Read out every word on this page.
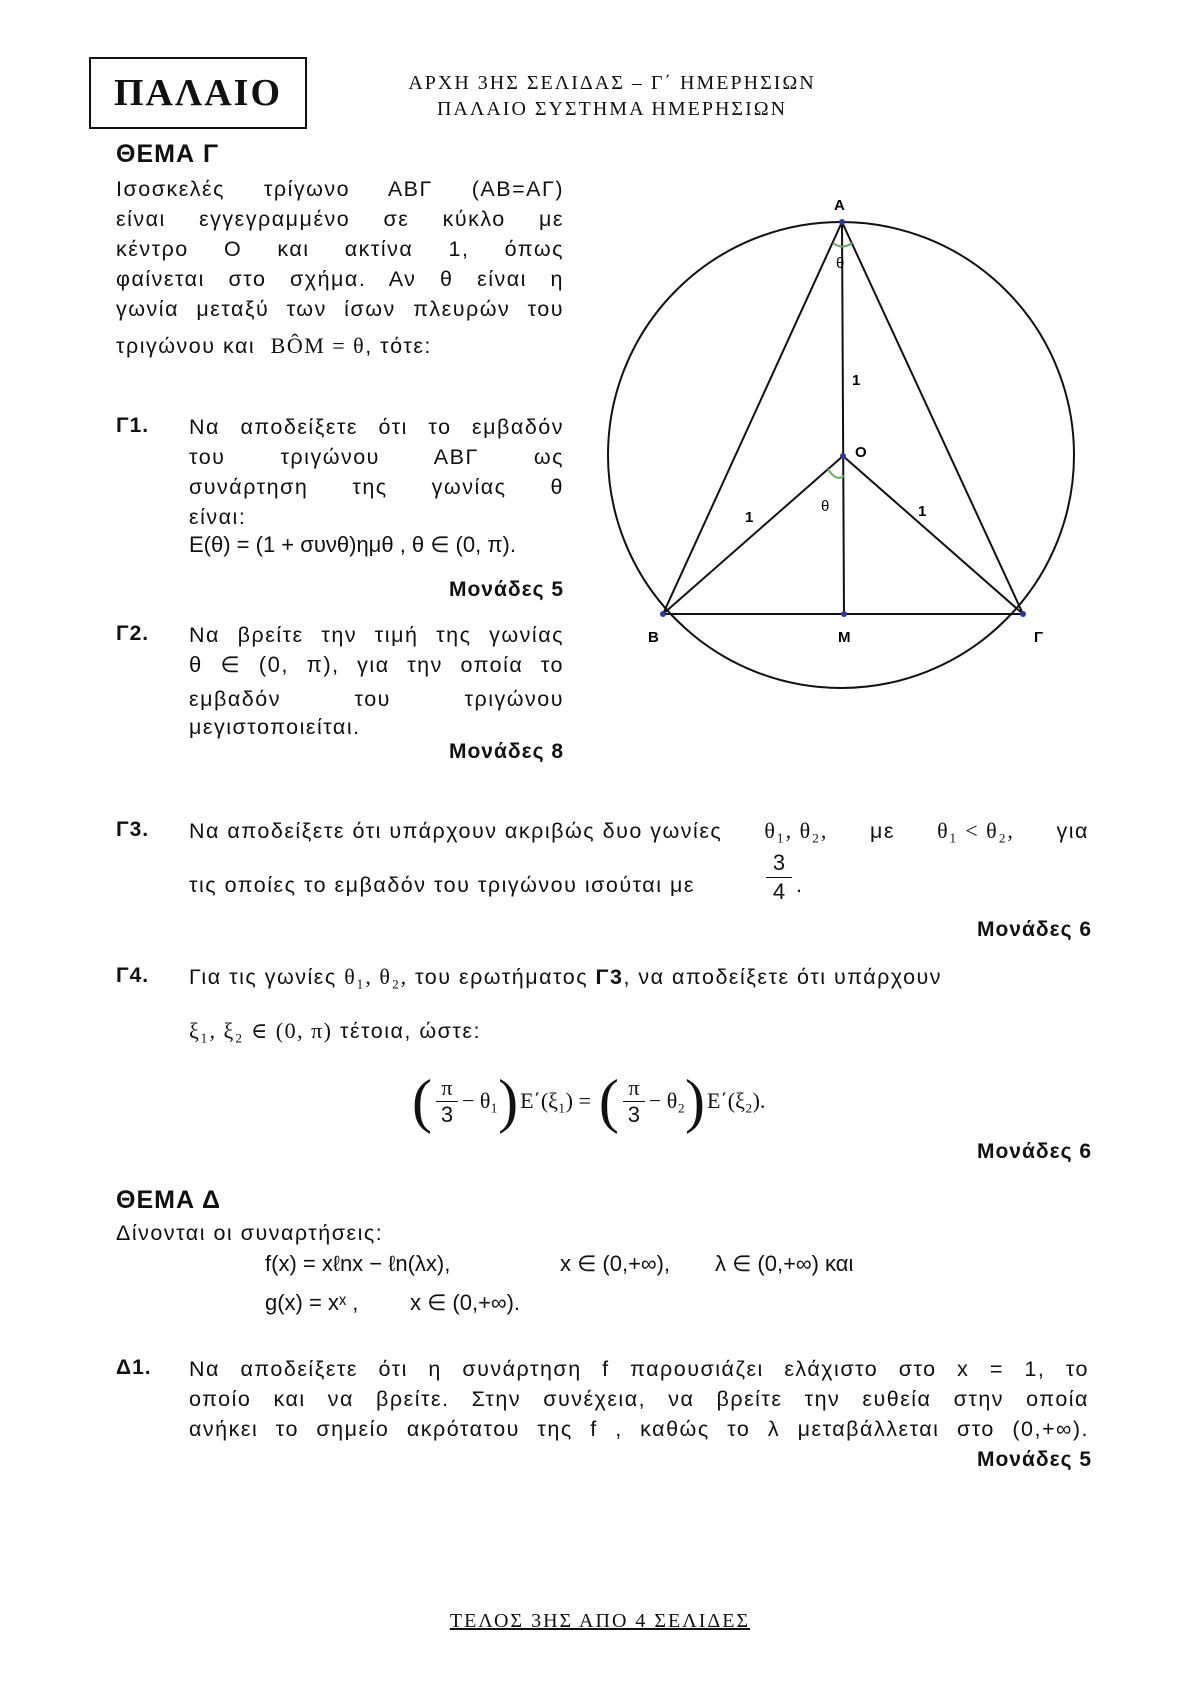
ΠΑΛΑΙΟ	ΑΡΧΗ 3ΗΣ ΣΕΛΙΔΑΣ – Γ΄ ΗΜΕΡΗΣΙΩΝ
ΠΑΛΑΙΟ ΣΥΣΤΗΜΑ ΗΜΕΡΗΣΙΩΝ
ΘΕΜΑ Γ
Ισοσκελές τρίγωνο ΑΒΓ (ΑΒ=ΑΓ)
είναι εγγεγραμμένο σε κύκλο με
κέντρο Ο και ακτίνα 1, όπως
φαίνεται στο σχήμα. Αν θ είναι η
γωνία μεταξύ των ίσων πλευρών του
τριγώνου και BÔM = θ, τότε:
Γ1. Να αποδείξετε ότι το εμβαδόν
του τριγώνου ΑΒΓ ως
συνάρτηση της γωνίας θ
είναι:
E(θ) = (1 + συνθ)ημθ , θ ∈ (0, π).
Μονάδες 5
Γ2. Να βρείτε την τιμή της γωνίας
θ ∈ (0, π), για την οποία το
εμβαδόν του τριγώνου
μεγιστοποιείται.
Μονάδες 8
A
B	Γ
O
M
θ
θ
1
1	1
Γ3. Να αποδείξετε ότι υπάρχουν ακριβώς δυο γωνίες θ₁, θ₂, με θ₁ < θ₂, για
τις οποίες το εμβαδόν του τριγώνου ισούται με
3
4 .
Μονάδες 6
Γ4. Για τις γωνίες θ₁, θ₂, του ερωτήματος Γ3, να αποδείξετε ότι υπάρχουν
ξ₁, ξ₂ ∈ (0, π) τέτοια, ώστε:
( π
3
− θ₁ ) E΄(ξ₁) = ( π
3
− θ₂ ) E΄(ξ₂).
Μονάδες 6
ΘΕΜΑ Δ
Δίνονται οι συναρτήσεις:
f(x) = xℓnx − ℓn(λx),	x ∈ (0,+∞), λ ∈ (0,+∞) και
g(x) = xˣ , x ∈ (0,+∞).
Δ1. Να αποδείξετε ότι η συνάρτηση f παρουσιάζει ελάχιστο στο x = 1, το
οποίο και να βρείτε. Στην συνέχεια, να βρείτε την ευθεία στην οποία
ανήκει το σημείο ακρότατου της f , καθώς το λ μεταβάλλεται στο (0,+∞).
Μονάδες 5
ΤΕΛΟΣ 3ΗΣ ΑΠΟ 4 ΣΕΛΙΔΕΣ
